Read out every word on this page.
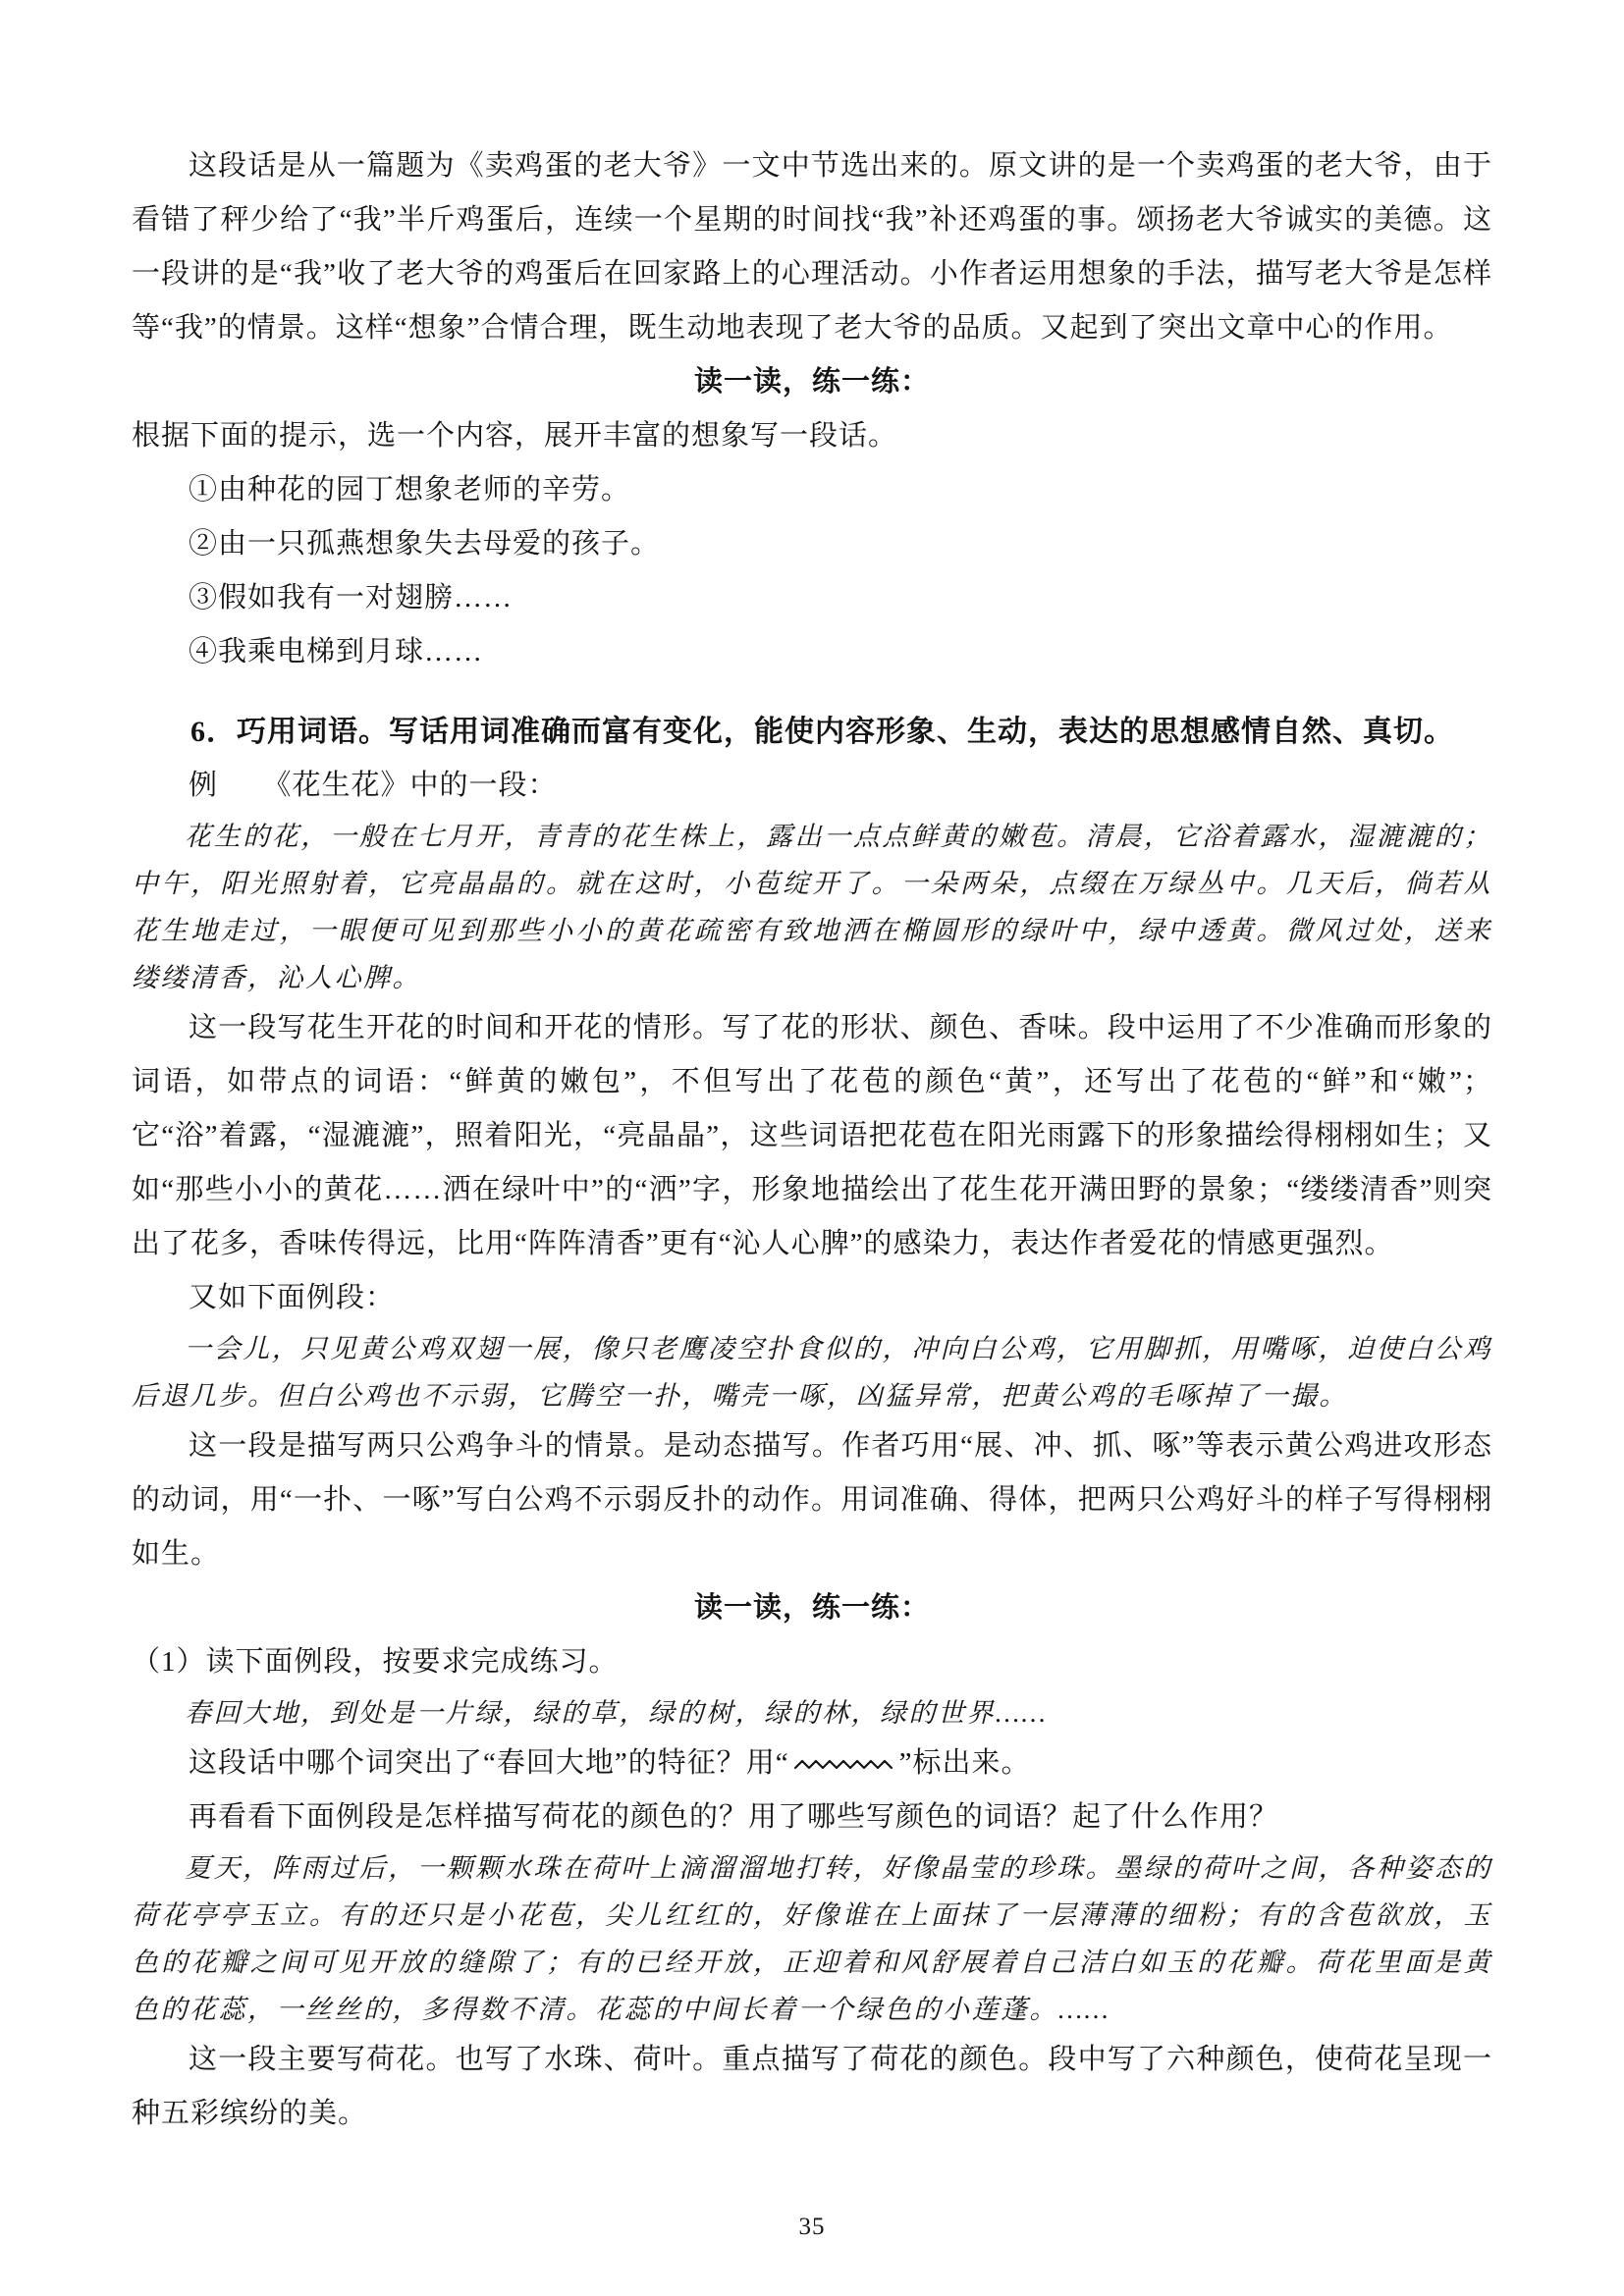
这段话是从一篇题为《卖鸡蛋的老大爷》一文中节选出来的。原文讲的是一个卖鸡蛋的老大爷，由于看错了秤少给了“我”半斤鸡蛋后，连续一个星期的时间找“我”补还鸡蛋的事。颂扬老大爷诚实的美德。这一段讲的是“我”收了老大爷的鸡蛋后在回家路上的心理活动。小作者运用想象的手法，描写老大爷是怎样等“我”的情景。这样“想象”合情合理，既生动地表现了老大爷的品质。又起到了突出文章中心的作用。

读一读，练一练：

根据下面的提示，选一个内容，展开丰富的想象写一段话。

①由种花的园丁想象老师的辛劳。

②由一只孤燕想象失去母爱的孩子。

③假如我有一对翅膀……

④我乘电梯到月球……

6．巧用词语。写话用词准确而富有变化，能使内容形象、生动，表达的思想感情自然、真切。

例　　《花生花》中的一段：

花生的花，一般在七月开，青青的花生株上，露出一点点鲜黄的嫩苞。清晨，它浴着露水，湿漉漉的；中午，阳光照射着，它亮晶晶的。就在这时，小苞绽开了。一朵两朵，点缀在万绿丛中。几天后，倘若从花生地走过，一眼便可见到那些小小的黄花疏密有致地洒在椭圆形的绿叶中，绿中透黄。微风过处，送来缕缕清香，沁人心脾。

这一段写花生开花的时间和开花的情形。写了花的形状、颜色、香味。段中运用了不少准确而形象的词语，如带点的词语：“鲜黄的嫩包”，不但写出了花苞的颜色“黄”，还写出了花苞的“鲜”和“嫩”；它“浴”着露，“湿漉漉”，照着阳光，“亮晶晶”，这些词语把花苞在阳光雨露下的形象描绘得栩栩如生；又如“那些小小的黄花……洒在绿叶中”的“洒”字，形象地描绘出了花生花开满田野的景象；“缕缕清香”则突出了花多，香味传得远，比用“阵阵清香”更有“沁人心脾”的感染力，表达作者爱花的情感更强烈。

又如下面例段：

一会儿，只见黄公鸡双翅一展，像只老鹰凌空扑食似的，冲向白公鸡，它用脚抓，用嘴啄，迫使白公鸡后退几步。但白公鸡也不示弱，它腾空一扑，嘴壳一啄，凶猛异常，把黄公鸡的毛啄掉了一撮。

这一段是描写两只公鸡争斗的情景。是动态描写。作者巧用“展、冲、抓、啄”等表示黄公鸡进攻形态的动词，用“一扑、一啄”写白公鸡不示弱反扑的动作。用词准确、得体，把两只公鸡好斗的样子写得栩栩如生。

读一读，练一练：

（1）读下面例段，按要求完成练习。

春回大地，到处是一片绿，绿的草，绿的树，绿的林，绿的世界……

这段话中哪个词突出了“春回大地”的特征？用“	”标出来。

再看看下面例段是怎样描写荷花的颜色的？用了哪些写颜色的词语？起了什么作用？

夏天，阵雨过后，一颗颗水珠在荷叶上滴溜溜地打转，好像晶莹的珍珠。墨绿的荷叶之间，各种姿态的荷花亭亭玉立。有的还只是小花苞，尖儿红红的，好像谁在上面抹了一层薄薄的细粉；有的含苞欲放，玉色的花瓣之间可见开放的缝隙了；有的已经开放，正迎着和风舒展着自己洁白如玉的花瓣。荷花里面是黄色的花蕊，一丝丝的，多得数不清。花蕊的中间长着一个绿色的小莲蓬。……

这一段主要写荷花。也写了水珠、荷叶。重点描写了荷花的颜色。段中写了六种颜色，使荷花呈现一种五彩缤纷的美。

35
